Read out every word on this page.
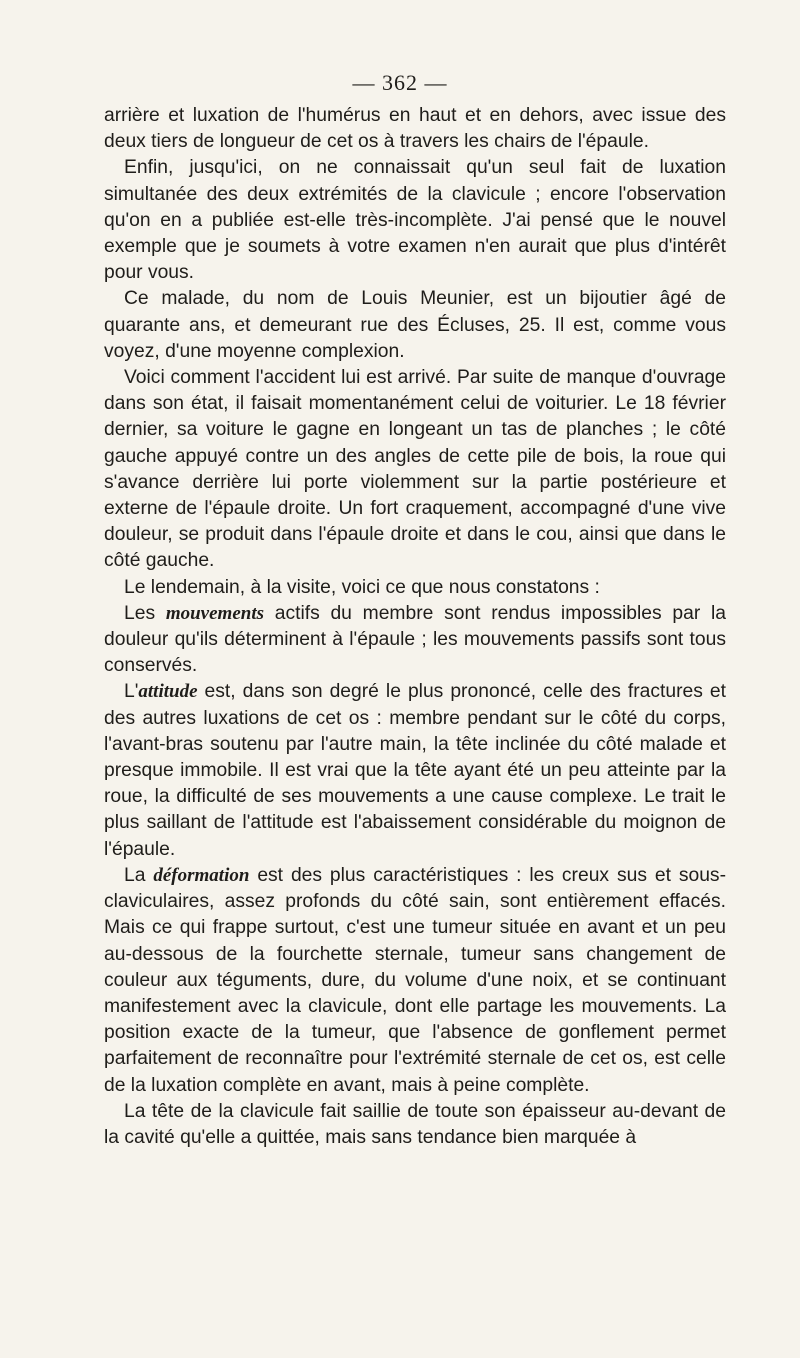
— 362 —

arrière et luxation de l'humérus en haut et en dehors, avec issue des deux tiers de longueur de cet os à travers les chairs de l'épaule.

Enfin, jusqu'ici, on ne connaissait qu'un seul fait de luxation simultanée des deux extrémités de la clavicule ; encore l'observation qu'on en a publiée est-elle très-incomplète. J'ai pensé que le nouvel exemple que je soumets à votre examen n'en aurait que plus d'intérêt pour vous.

Ce malade, du nom de Louis Meunier, est un bijoutier âgé de quarante ans, et demeurant rue des Écluses, 25. Il est, comme vous voyez, d'une moyenne complexion.

Voici comment l'accident lui est arrivé. Par suite de manque d'ouvrage dans son état, il faisait momentanément celui de voiturier. Le 18 février dernier, sa voiture le gagne en longeant un tas de planches ; le côté gauche appuyé contre un des angles de cette pile de bois, la roue qui s'avance derrière lui porte violemment sur la partie postérieure et externe de l'épaule droite. Un fort craquement, accompagné d'une vive douleur, se produit dans l'épaule droite et dans le cou, ainsi que dans le côté gauche.

Le lendemain, à la visite, voici ce que nous constatons :

Les mouvements actifs du membre sont rendus impossibles par la douleur qu'ils déterminent à l'épaule ; les mouvements passifs sont tous conservés.

L'attitude est, dans son degré le plus prononcé, celle des fractures et des autres luxations de cet os : membre pendant sur le côté du corps, l'avant-bras soutenu par l'autre main, la tête inclinée du côté malade et presque immobile. Il est vrai que la tête ayant été un peu atteinte par la roue, la difficulté de ses mouvements a une cause complexe. Le trait le plus saillant de l'attitude est l'abaissement considérable du moignon de l'épaule.

La déformation est des plus caractéristiques : les creux sus et sous-claviculaires, assez profonds du côté sain, sont entièrement effacés. Mais ce qui frappe surtout, c'est une tumeur située en avant et un peu au-dessous de la fourchette sternale, tumeur sans changement de couleur aux téguments, dure, du volume d'une noix, et se continuant manifestement avec la clavicule, dont elle partage les mouvements. La position exacte de la tumeur, que l'absence de gonflement permet parfaitement de reconnaître pour l'extrémité sternale de cet os, est celle de la luxation complète en avant, mais à peine complète.

La tête de la clavicule fait saillie de toute son épaisseur au-devant de la cavité qu'elle a quittée, mais sans tendance bien marquée à
